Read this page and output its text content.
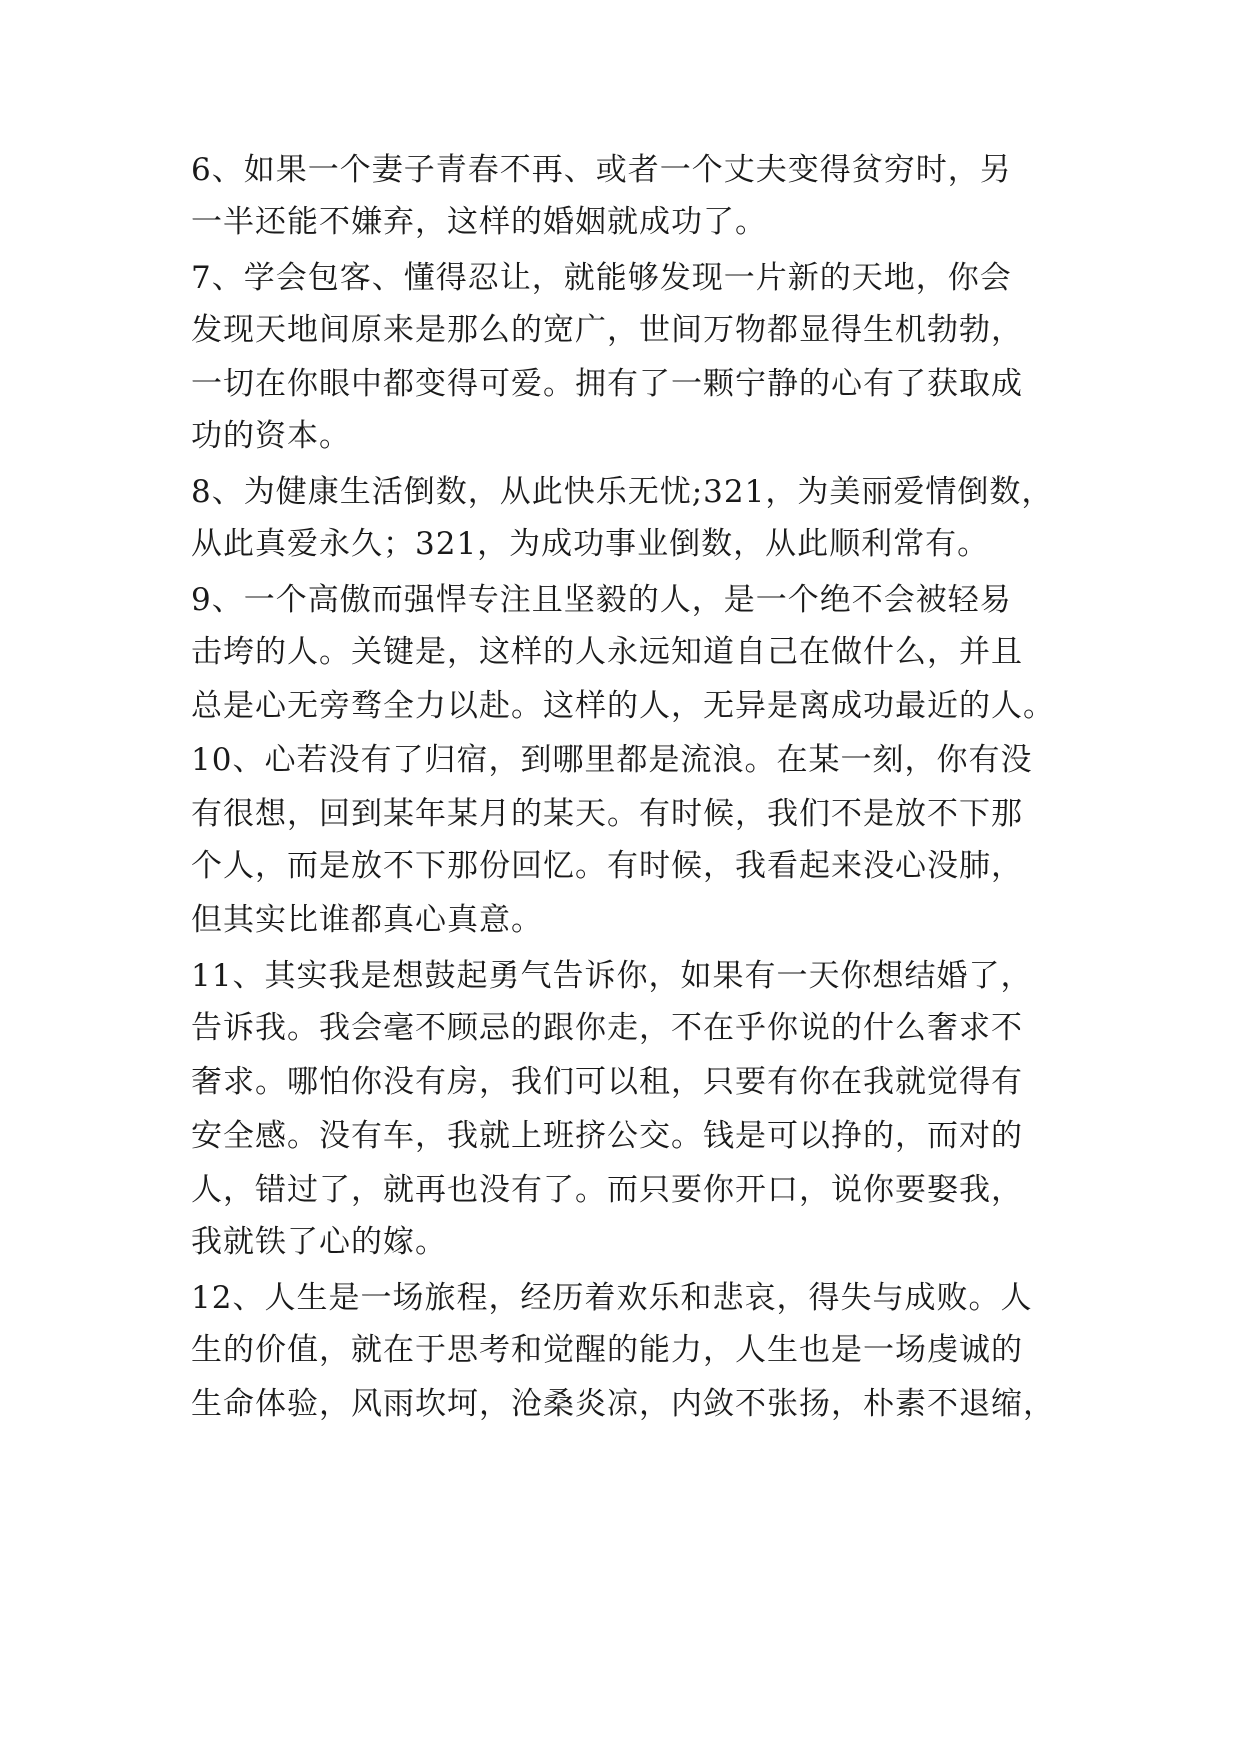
6、如果一个妻子青春不再、或者一个丈夫变得贫穷时，另
一半还能不嫌弃，这样的婚姻就成功了。
7、学会包客、懂得忍让，就能够发现一片新的天地，你会
发现天地间原来是那么的宽广，世间万物都显得生机勃勃，
一切在你眼中都变得可爱。拥有了一颗宁静的心有了获取成
功的资本。
8、为健康生活倒数，从此快乐无忧;321，为美丽爱情倒数，
从此真爱永久；321，为成功事业倒数，从此顺利常有。
9、一个高傲而强悍专注且坚毅的人，是一个绝不会被轻易
击垮的人。关键是，这样的人永远知道自己在做什么，并且
总是心无旁骛全力以赴。这样的人，无异是离成功最近的人。
10、心若没有了归宿，到哪里都是流浪。在某一刻，你有没
有很想，回到某年某月的某天。有时候，我们不是放不下那
个人，而是放不下那份回忆。有时候，我看起来没心没肺，
但其实比谁都真心真意。
11、其实我是想鼓起勇气告诉你，如果有一天你想结婚了，
告诉我。我会毫不顾忌的跟你走，不在乎你说的什么奢求不
奢求。哪怕你没有房，我们可以租，只要有你在我就觉得有
安全感。没有车，我就上班挤公交。钱是可以挣的，而对的
人，错过了，就再也没有了。而只要你开口，说你要娶我，
我就铁了心的嫁。
12、人生是一场旅程，经历着欢乐和悲哀，得失与成败。人
生的价值，就在于思考和觉醒的能力，人生也是一场虔诚的
生命体验，风雨坎坷，沧桑炎凉，内敛不张扬，朴素不退缩，
